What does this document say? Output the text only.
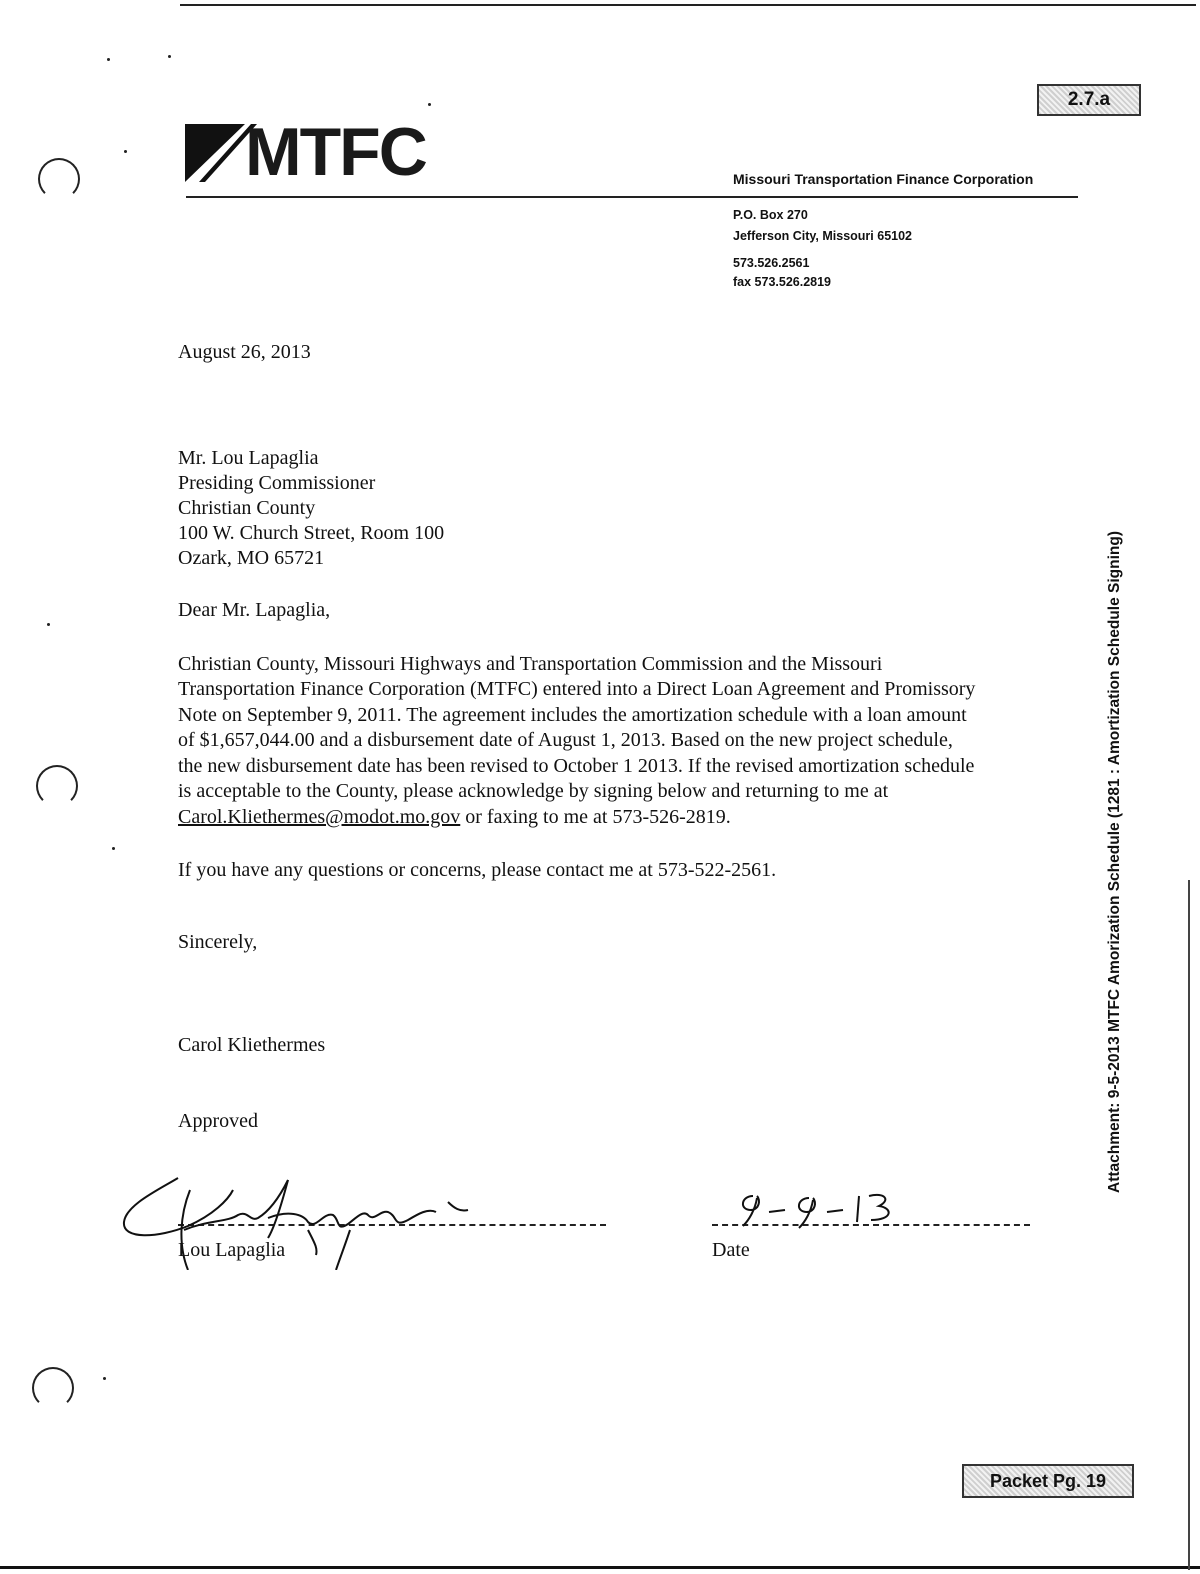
2.7.a
Packet Pg. 19
MTFC	Missouri Transportation Finance Corporation
P.O. Box 270
Jefferson City, Missouri 65102
573.526.2561
fax 573.526.2819
August 26, 2013
Mr. Lou Lapaglia
Presiding Commissioner
Christian County
100 W. Church Street, Room 100
Ozark, MO 65721
Dear Mr. Lapaglia,
Christian County, Missouri Highways and Transportation Commission and the Missouri
Transportation Finance Corporation (MTFC) entered into a Direct Loan Agreement and Promissory
Note on September 9, 2011. The agreement includes the amortization schedule with a loan amount
of $1,657,044.00 and a disbursement date of August 1, 2013. Based on the new project schedule,
the new disbursement date has been revised to October 1 2013. If the revised amortization schedule
is acceptable to the County, please acknowledge by signing below and returning to me at
Carol.Kliethermes@modot.mo.gov or faxing to me at 573-526-2819.
If you have any questions or concerns, please contact me at 573-522-2561.
Sincerely,
Carol Kliethermes
Approved
Lou Lapaglia	Date
Attachment: 9-5-2013 MTFC Amorization Schedule (1281 : Amortization Schedule Signing)
